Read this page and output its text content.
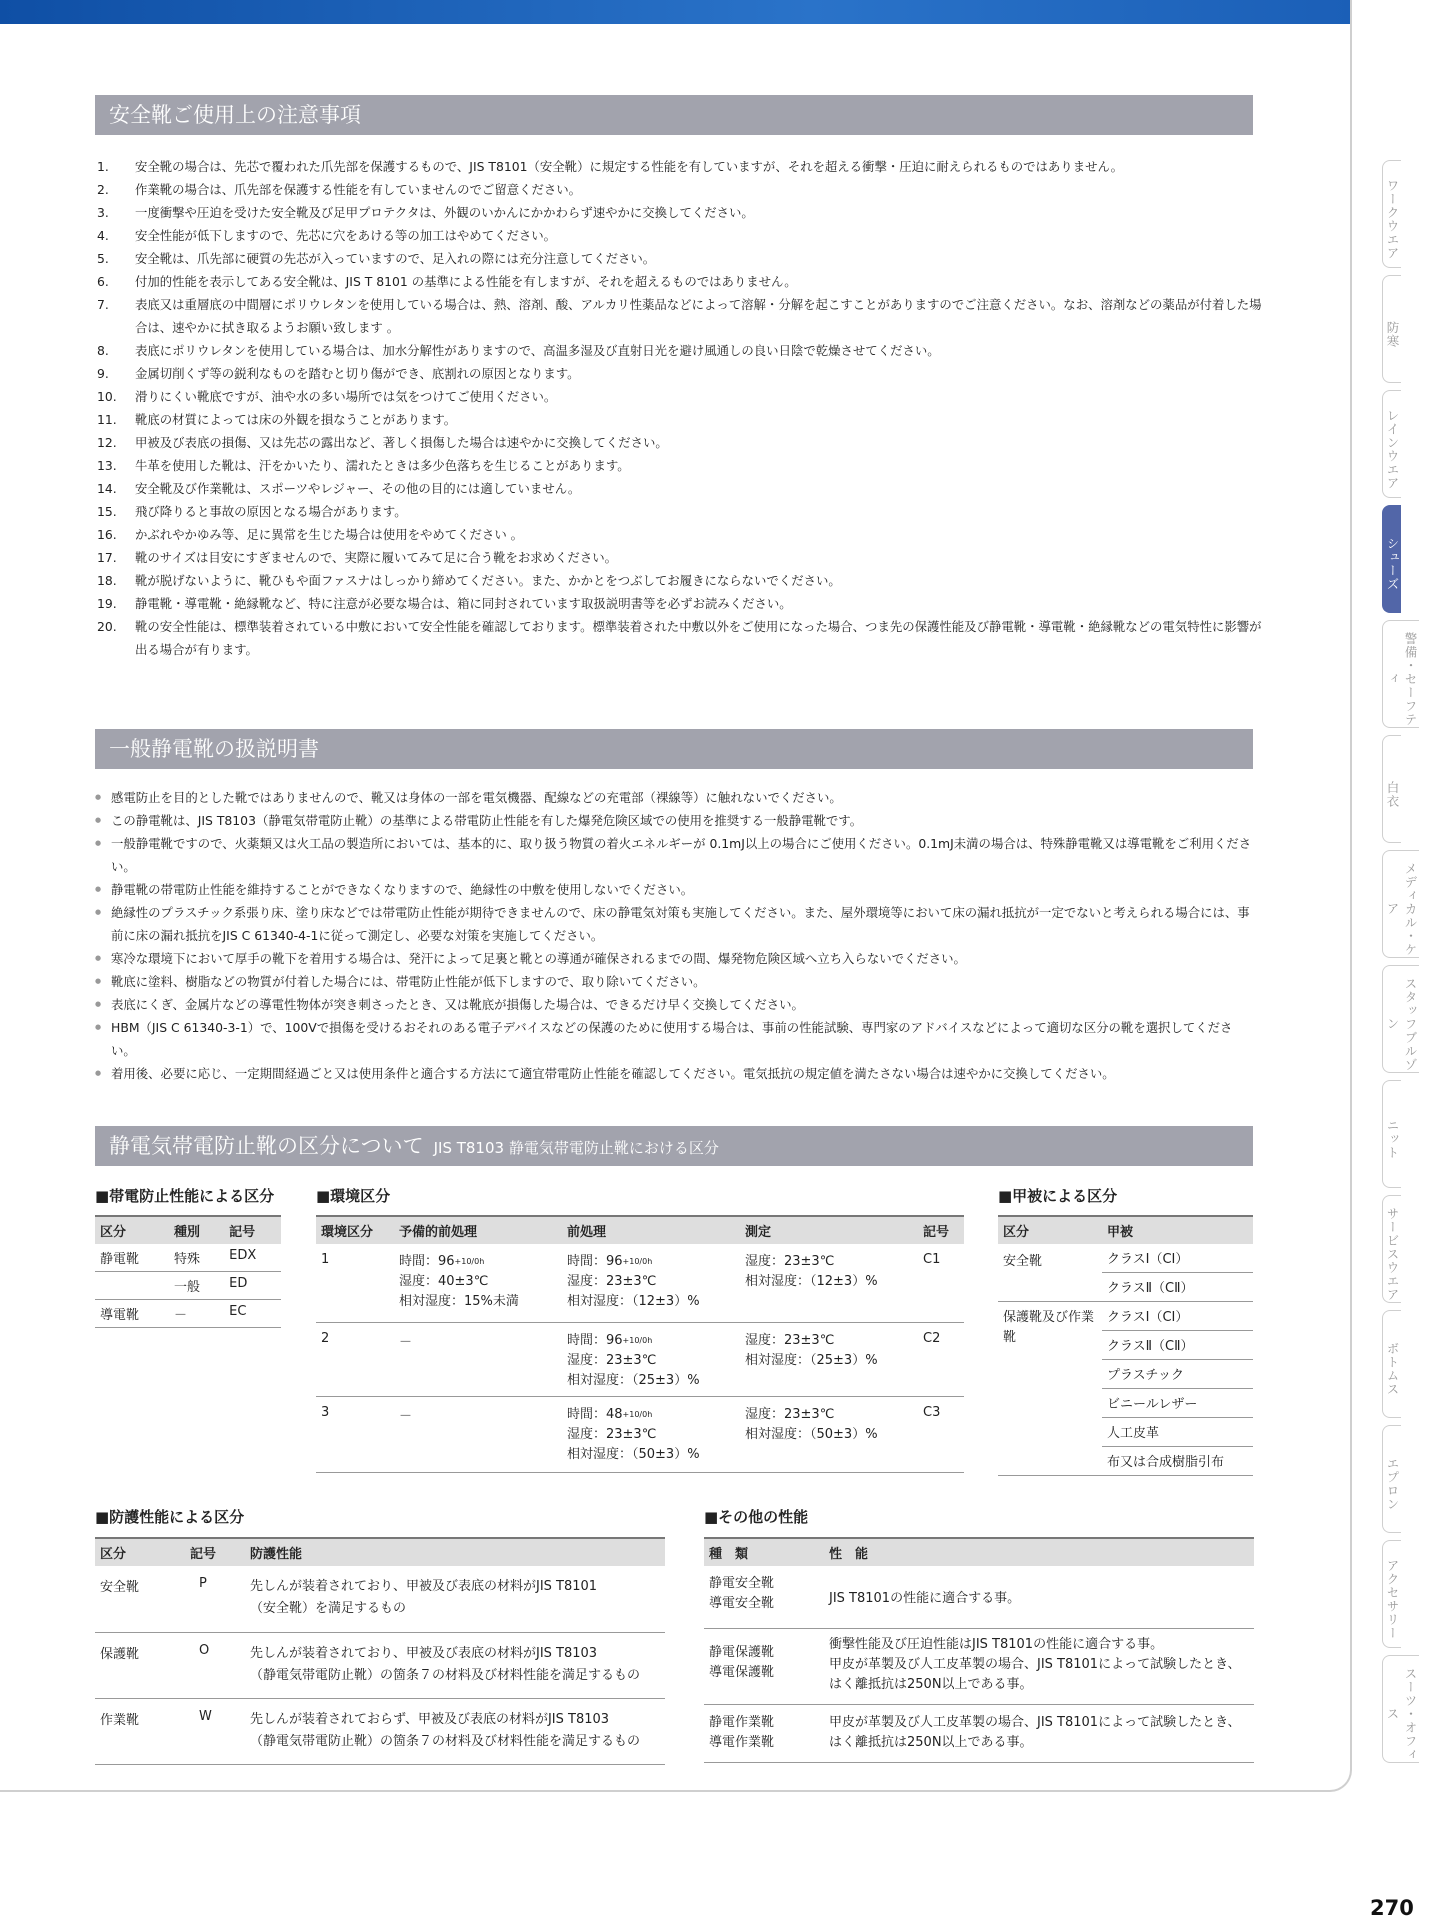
安全靴ご使用上の注意事項
1. 安全靴の場合は、先芯で覆われた爪先部を保護するもので、JIS T8101（安全靴）に規定する性能を有していますが、それを超える衝撃・圧迫に耐えられるものではありません。
2. 作業靴の場合は、爪先部を保護する性能を有していませんのでご留意ください。
3. 一度衝撃や圧迫を受けた安全靴及び足甲プロテクタは、外観のいかんにかかわらず速やかに交換してください。
4. 安全性能が低下しますので、先芯に穴をあける等の加工はやめてください。
5. 安全靴は、爪先部に硬質の先芯が入っていますので、足入れの際には充分注意してください。
6. 付加的性能を表示してある安全靴は、JIS T 8101 の基準による性能を有しますが、それを超えるものではありません。
7. 表底又は重層底の中間層にポリウレタンを使用している場合は、熱、溶剤、酸、アルカリ性薬品などによって溶解・分解を起こすことがありますのでご注意ください。なお、溶剤などの薬品が付着した場合は、速やかに拭き取るようお願い致します 。
8. 表底にポリウレタンを使用している場合は、加水分解性がありますので、高温多湿及び直射日光を避け風通しの良い日陰で乾燥させてください。
9. 金属切削くず等の鋭利なものを踏むと切り傷ができ、底割れの原因となります。
10. 滑りにくい靴底ですが、油や水の多い場所では気をつけてご使用ください。
11. 靴底の材質によっては床の外観を損なうことがあります。
12. 甲被及び表底の損傷、又は先芯の露出など、著しく損傷した場合は速やかに交換してください。
13. 牛革を使用した靴は、汗をかいたり、濡れたときは多少色落ちを生じることがあります。
14. 安全靴及び作業靴は、スポーツやレジャー、その他の目的には適していません。
15. 飛び降りると事故の原因となる場合があります。
16. かぶれやかゆみ等、足に異常を生じた場合は使用をやめてください 。
17. 靴のサイズは目安にすぎませんので、実際に履いてみて足に合う靴をお求めください。
18. 靴が脱げないように、靴ひもや面ファスナはしっかり締めてください。また、かかとをつぶしてお履きにならないでください。
19. 静電靴・導電靴・絶縁靴など、特に注意が必要な場合は、箱に同封されています取扱説明書等を必ずお読みください。
20. 靴の安全性能は、標準装着されている中敷において安全性能を確認しております。標準装着された中敷以外をご使用になった場合、つま先の保護性能及び静電靴・導電靴・絶縁靴などの電気特性に影響が出る場合が有ります。
一般静電靴の扱説明書
● 感電防止を目的とした靴ではありませんので、靴又は身体の一部を電気機器、配線などの充電部（裸線等）に触れないでください。
● この静電靴は、JIS T8103（静電気帯電防止靴）の基準による帯電防止性能を有した爆発危険区域での使用を推奨する一般静電靴です。
● 一般静電靴ですので、火薬類又は火工品の製造所においては、基本的に、取り扱う物質の着火エネルギーが 0.1mJ以上の場合にご使用ください。0.1mJ未満の場合は、特殊静電靴又は導電靴をご利用ください。
● 静電靴の帯電防止性能を維持することができなくなりますので、絶縁性の中敷を使用しないでください。
● 絶縁性のプラスチック系張り床、塗り床などでは帯電防止性能が期待できませんので、床の静電気対策も実施してください。また、屋外環境等において床の漏れ抵抗が一定でないと考えられる場合には、事前に床の漏れ抵抗をJIS C 61340-4-1に従って測定し、必要な対策を実施してください。
● 寒冷な環境下において厚手の靴下を着用する場合は、発汗によって足裏と靴との導通が確保されるまでの間、爆発物危険区域へ立ち入らないでください。
● 靴底に塗料、樹脂などの物質が付着した場合には、帯電防止性能が低下しますので、取り除いてください。
● 表底にくぎ、金属片などの導電性物体が突き刺さったとき、又は靴底が損傷した場合は、できるだけ早く交換してください。
● HBM（JIS C 61340-3-1）で、100Vで損傷を受けるおそれのある電子デバイスなどの保護のために使用する場合は、事前の性能試験、専門家のアドバイスなどによって適切な区分の靴を選択してください。
● 着用後、必要に応じ、一定期間経過ごと又は使用条件と適合する方法にて適宜帯電防止性能を確認してください。電気抵抗の規定値を満たさない場合は速やかに交換してください。
静電気帯電防止靴の区分について JIS T8103 静電気帯電防止靴における区分
■帯電防止性能による区分
区分	種別	記号
静電靴	特殊	EDX
	一般	ED
導電靴	－	EC
■環境区分
環境区分	予備的前処理	前処理	測定	記号
1	時間：$96^{+10/0h}$
湿度：40±3℃
相対湿度：15%未満	時間：$96^{+10/0h}$
湿度：23±3℃
相対湿度：（12±3）%	湿度：23±3℃
相対湿度：（12±3）%	C1
2	－	時間：$96^{+10/0h}$
湿度：23±3℃
相対湿度：（25±3）%	湿度：23±3℃
相対湿度：（25±3）%	C2
3	－	時間：$48^{+10/0h}$
湿度：23±3℃
相対湿度：（50±3）%	湿度：23±3℃
相対湿度：（50±3）%	C3
■甲被による区分
区分	甲被
安全靴	クラスⅠ（CⅠ）
	クラスⅡ（CⅡ）
保護靴及び作業靴	クラスⅠ（CⅠ）
	クラスⅡ（CⅡ）
	プラスチック
	ビニールレザー
	人工皮革
	布又は合成樹脂引布
■防護性能による区分
区分	記号	防護性能
安全靴	P	先しんが装着されており、甲被及び表底の材料がJIS T8101
（安全靴）を満足するもの
保護靴	O	先しんが装着されており、甲被及び表底の材料がJIS T8103
（静電気帯電防止靴）の箇条７の材料及び材料性能を満足するもの
作業靴	W	先しんが装着されておらず、甲被及び表底の材料がJIS T8103
（静電気帯電防止靴）の箇条７の材料及び材料性能を満足するもの
■その他の性能
種　類	性　能
静電安全靴
導電安全靴	JIS T8101の性能に適合する事。
静電保護靴
導電保護靴	衝撃性能及び圧迫性能はJIS T8101の性能に適合する事。
甲皮が革製及び人工皮革製の場合、JIS T8101によって試験したとき、
はく離抵抗は250N以上である事。
静電作業靴
導電作業靴	甲皮が革製及び人工皮革製の場合、JIS T8101によって試験したとき、
はく離抵抗は250N以上である事。
ワークウエア
防寒
レインウエア
シューズ
警備・セーフティ
白衣
メディカル・ケア
スタッフブルゾン
ニット
サービスウエア
ボトムス
エプロン
アクセサリー
スーツ・オフィス
270
